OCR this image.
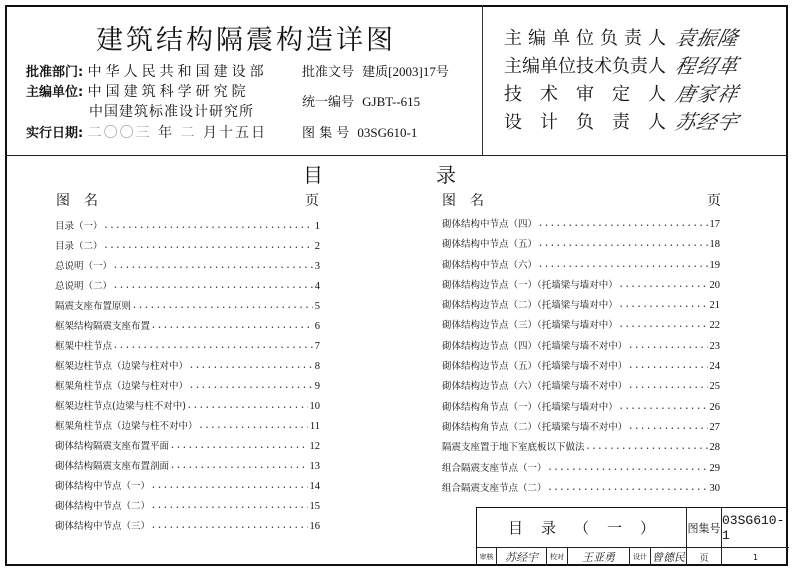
建筑结构隔震构造详图
批准部门: 中华人民共和国建设部
主编单位: 中国建筑科学研究院
中国建筑标准设计研究所
实行日期: 二〇〇三 年 二 月十五日
批准文号 建质[2003]17号
统一编号 GJBT--615
图 集 号 03SG610-1
主编单位负责人 袁振隆
主编单位技术负责人 程绍革
技术审定人 唐家祥
设计负责人 苏经宇
目	录
图　名	页	图　名	页
目录（一） •••••	1
目录（二） •••••	2
总说明（一） •••••	3
总说明（二） •••••	4
隔震支座布置原则 •••••	5
框架结构隔震支座布置 •••••	6
框架中柱节点 •••••	7
框架边柱节点（边梁与柱对中） •••••	8
框架角柱节点（边梁与柱对中） •••••	9
框架边柱节点(边梁与柱不对中) •••••	10
框架角柱节点（边梁与柱不对中） •••••	11
砌体结构隔震支座布置平面 •••••	12
砌体结构隔震支座布置剖面 •••••	13
砌体结构中节点（一） •••••	14
砌体结构中节点（二） •••••	15
砌体结构中节点（三） •••••	16
砌体结构中节点（四） •••••	17
砌体结构中节点（五） •••••	18
砌体结构中节点（六） •••••	19
砌体结构边节点（一）（托墙梁与墙对中） •••••	20
砌体结构边节点（二）（托墙梁与墙对中） •••••	21
砌体结构边节点（三）（托墙梁与墙对中） •••••	22
砌体结构边节点（四）（托墙梁与墙不对中） •••••	23
砌体结构边节点（五）（托墙梁与墙不对中） •••••	24
砌体结构边节点（六）（托墙梁与墙不对中） •••••	25
砌体结构角节点（一）（托墙梁与墙对中） •••••	26
砌体结构角节点（二）（托墙梁与墙不对中） •••••	27
隔震支座置于地下室底板以下做法 •••••	28
组合隔震支座节点（一） •••••	29
组合隔震支座节点（二） •••••	30
目录（一）	图集号
03SG610-1
审核	苏经宇	校对	王亚勇	设计 曾德民	页	1
